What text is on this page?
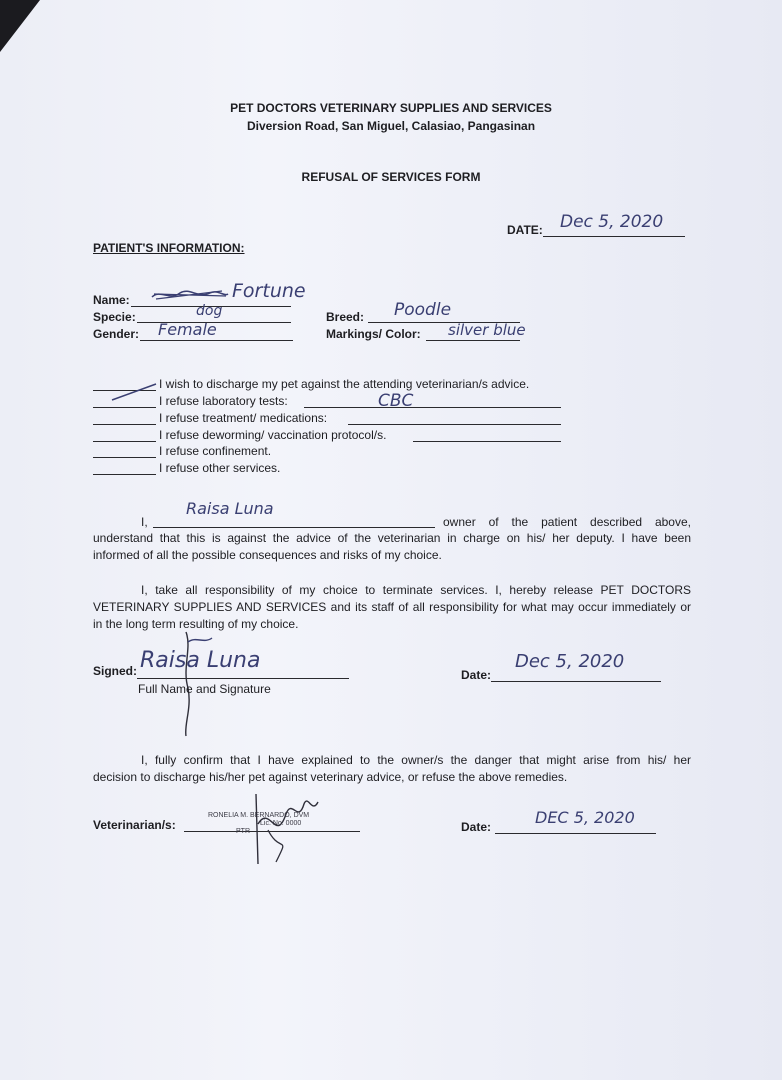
PET DOCTORS VETERINARY SUPPLIES AND SERVICES
Diversion Road, San Miguel, Calasiao, Pangasinan
REFUSAL OF SERVICES FORM
DATE: Dec 5, 2020
PATIENT'S INFORMATION:
Name:	Fortune
Specie:	dog
Gender: Female
Breed: Poodle
Markings/ Color: silver blue
I wish to discharge my pet against the attending veterinarian/s advice.
I refuse laboratory tests:	CBC
I refuse treatment/ medications:
I refuse deworming/ vaccination protocol/s.
I refuse confinement.
I refuse other services.
I,
Raisa Luna
owner of the patient described above,
understand that this is against the advice of the veterinarian in charge on his/ her deputy. I have been
informed of all the possible consequences and risks of my choice.
I, take all responsibility of my choice to terminate services. I, hereby release PET DOCTORS
VETERINARY SUPPLIES AND SERVICES and its staff of all responsibility for what may occur immediately or
in the long term resulting of my choice.
Signed: Raisa Luna
Full Name and Signature
Date:
Dec 5, 2020
I, fully confirm that I have explained to the owner/s the danger that might arise from his/ her
decision to discharge his/her pet against veterinary advice, or refuse the above remedies.
Veterinarian/s:
RONELIA M. BERNARDO, DVM
Lic. No. 0000
PTR	Date:	DEC 5, 2020
